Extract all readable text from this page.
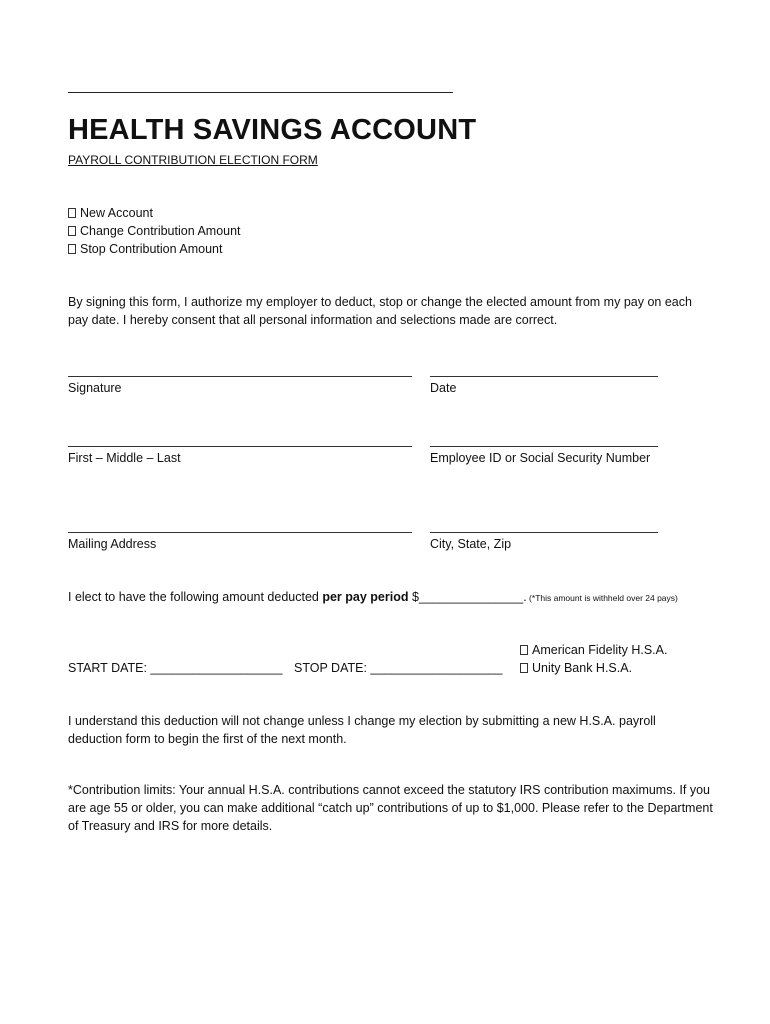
HEALTH SAVINGS ACCOUNT
PAYROLL CONTRIBUTION ELECTION FORM
New Account
Change Contribution Amount
Stop Contribution Amount
By signing this form, I authorize my employer to deduct, stop or change the elected amount from my pay on each pay date. I hereby consent that all personal information and selections made are correct.
Signature	Date
First – Middle – Last	Employee ID or Social Security Number
Mailing Address	City, State, Zip
I elect to have the following amount deducted per pay period $_______________. (*This amount is withheld over 24 pays)
START DATE: ___________________ STOP DATE: ___________________
American Fidelity H.S.A.
Unity Bank H.S.A.
I understand this deduction will not change unless I change my election by submitting a new H.S.A. payroll deduction form to begin the first of the next month.
*Contribution limits: Your annual H.S.A. contributions cannot exceed the statutory IRS contribution maximums. If you are age 55 or older, you can make additional “catch up” contributions of up to $1,000. Please refer to the Department of Treasury and IRS for more details.
